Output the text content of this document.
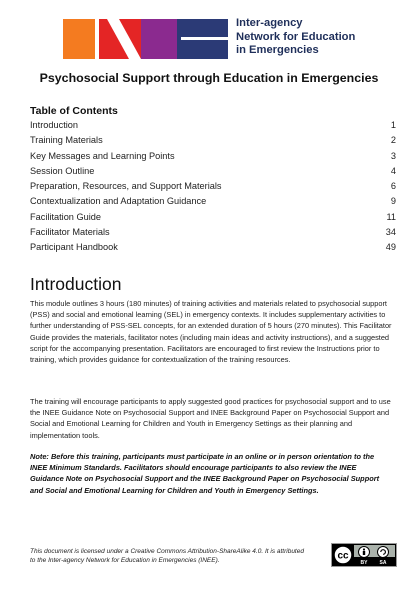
Inter-agency
Network for Education
in Emergencies
Psychosocial Support through Education in Emergencies
Table of Contents
Introduction	1
Training Materials	2
Key Messages and Learning Points	3
Session Outline	4
Preparation, Resources, and Support Materials	6
Contextualization and Adaptation Guidance	9
Facilitation Guide	11
Facilitator Materials	34
Participant Handbook	49
Introduction
This module outlines 3 hours (180 minutes) of training activities and materials related to psychosocial support (PSS) and social and emotional learning (SEL) in emergency contexts. It includes supplementary activities to further understanding of PSS-SEL concepts, for an extended duration of 5 hours (270 minutes). This Facilitator Guide provides the materials, facilitator notes (including main ideas and activity instructions), and a suggested script for the accompanying presentation. Facilitators are encouraged to first review the Instructions prior to training, which provides guidance for contextualization of the training resources.
The training will encourage participants to apply suggested good practices for psychosocial support and to use the INEE Guidance Note on Psychosocial Support and INEE Background Paper on Psychosocial Support and Social and Emotional Learning for Children and Youth in Emergency Settings as their planning and implementation tools.
Note: Before this training, participants must participate in an online or in person orientation to the INEE Minimum Standards. Facilitators should encourage participants to also review the INEE Guidance Note on Psychosocial Support and the INEE Background Paper on Psychosocial Support and Social and Emotional Learning for Children and Youth in Emergency Settings.
This document is licensed under a Creative Commons Attribution-ShareAlike 4.0. It is attributed to the Inter-agency Network for Education in Emergencies (INEE).	cc
BY SA
